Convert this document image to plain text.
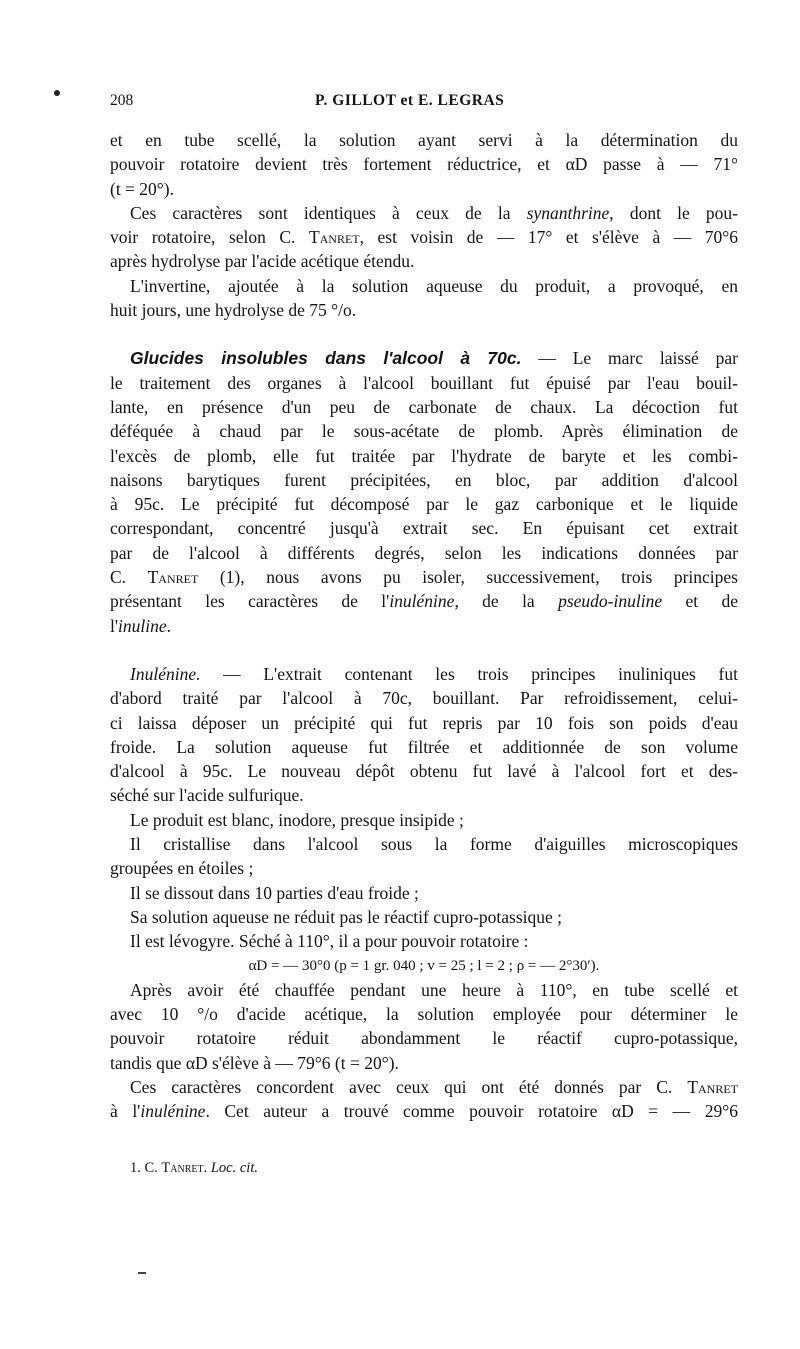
208	P. GILLOT et E. LEGRAS
et en tube scellé, la solution ayant servi à la détermination du
pouvoir rotatoire devient très fortement réductrice, et αD passe à — 71°
(t = 20°).
Ces caractères sont identiques à ceux de la synanthrine, dont le pou-
voir rotatoire, selon C. Tanret, est voisin de — 17° et s'élève à — 70°6
après hydrolyse par l'acide acétique étendu.
L'invertine, ajoutée à la solution aqueuse du produit, a provoqué, en
huit jours, une hydrolyse de 75 °/o.
Glucides insolubles dans l'alcool à 70c. — Le marc laissé par
le traitement des organes à l'alcool bouillant fut épuisé par l'eau bouil-
lante, en présence d'un peu de carbonate de chaux. La décoction fut
déféquée à chaud par le sous-acétate de plomb. Après élimination de
l'excès de plomb, elle fut traitée par l'hydrate de baryte et les combi-
naisons barytiques furent précipitées, en bloc, par addition d'alcool
à 95c. Le précipité fut décomposé par le gaz carbonique et le liquide
correspondant, concentré jusqu'à extrait sec. En épuisant cet extrait
par de l'alcool à différents degrés, selon les indications données par
C. Tanret (1), nous avons pu isoler, successivement, trois principes
présentant les caractères de l'inulénine, de la pseudo-inuline et de
l'inuline.
Inulénine. — L'extrait contenant les trois principes inuliniques fut
d'abord traité par l'alcool à 70c, bouillant. Par refroidissement, celui-
ci laissa déposer un précipité qui fut repris par 10 fois son poids d'eau
froide. La solution aqueuse fut filtrée et additionnée de son volume
d'alcool à 95c. Le nouveau dépôt obtenu fut lavé à l'alcool fort et des-
séché sur l'acide sulfurique.
Le produit est blanc, inodore, presque insipide ;
Il cristallise dans l'alcool sous la forme d'aiguilles microscopiques
groupées en étoiles ;
Il se dissout dans 10 parties d'eau froide ;
Sa solution aqueuse ne réduit pas le réactif cupro-potassique ;
Il est lévogyre. Séché à 110°, il a pour pouvoir rotatoire :
αD = — 30°0 (p = 1 gr. 040 ; v = 25 ; l = 2 ; ρ = — 2°30′).
Après avoir été chauffée pendant une heure à 110°, en tube scellé et
avec 10 °/o d'acide acétique, la solution employée pour déterminer le
pouvoir rotatoire réduit abondamment le réactif cupro-potassique,
tandis que αD s'élève à — 79°6 (t = 20°).
Ces caractères concordent avec ceux qui ont été donnés par C. Tanret
à l'inulénine. Cet auteur a trouvé comme pouvoir rotatoire αD = — 29°6
1. C. Tanret. Loc. cit.
